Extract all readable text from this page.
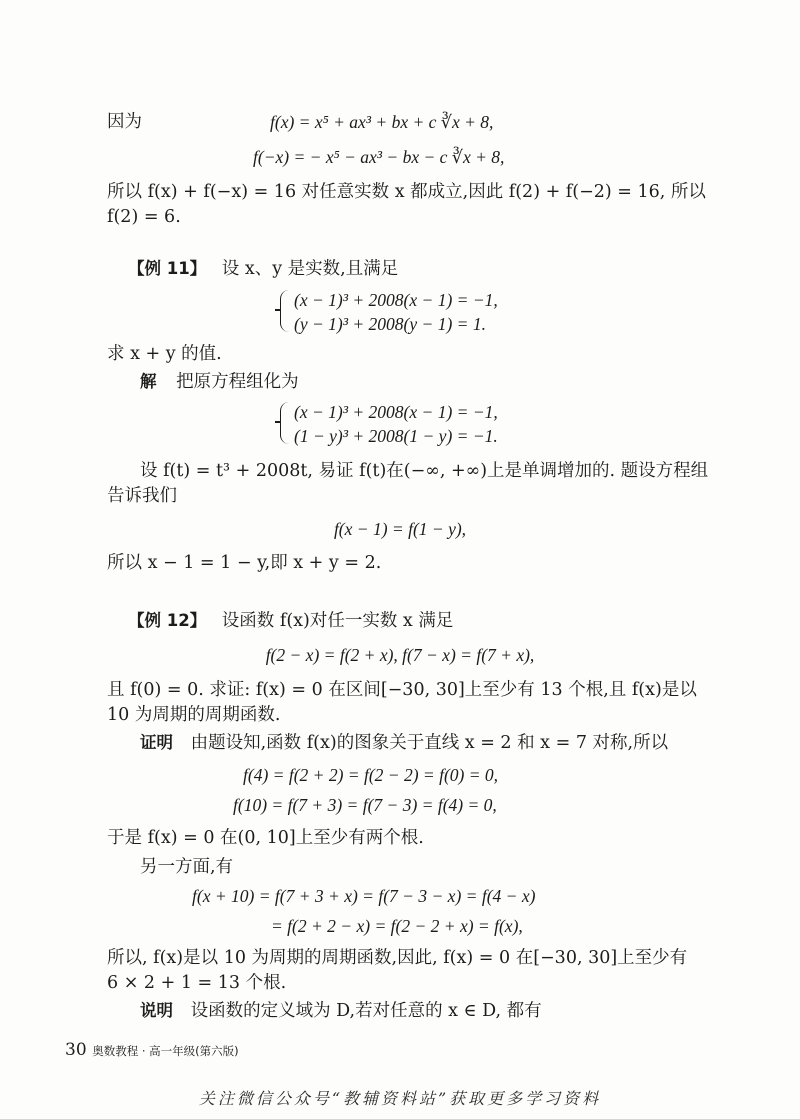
因为	f(x) = x⁵ + ax³ + bx + c ∛x + 8,
f(−x) = − x⁵ − ax³ − bx − c ∛x + 8,
所以 f(x) + f(−x) = 16 对任意实数 x 都成立,因此 f(2) + f(−2) = 16, 所以
f(2) = 6.
【例 11】 设 x、y 是实数,且满足
(x − 1)³ + 2008(x − 1) = −1,
(y − 1)³ + 2008(y − 1) = 1.
求 x + y 的值.
解 把原方程组化为
(x − 1)³ + 2008(x − 1) = −1,
(1 − y)³ + 2008(1 − y) = −1.
设 f(t) = t³ + 2008t, 易证 f(t)在(−∞, +∞)上是单调增加的. 题设方程组
告诉我们
f(x − 1) = f(1 − y),
所以 x − 1 = 1 − y,即 x + y = 2.
【例 12】 设函数 f(x)对任一实数 x 满足
f(2 − x) = f(2 + x), f(7 − x) = f(7 + x),
且 f(0) = 0. 求证: f(x) = 0 在区间[−30, 30]上至少有 13 个根,且 f(x)是以
10 为周期的周期函数.
证明 由题设知,函数 f(x)的图象关于直线 x = 2 和 x = 7 对称,所以
f(4) = f(2 + 2) = f(2 − 2) = f(0) = 0,
f(10) = f(7 + 3) = f(7 − 3) = f(4) = 0,
于是 f(x) = 0 在(0, 10]上至少有两个根.
另一方面,有
f(x + 10) = f(7 + 3 + x) = f(7 − 3 − x) = f(4 − x)
= f(2 + 2 − x) = f(2 − 2 + x) = f(x),
所以, f(x)是以 10 为周期的周期函数,因此, f(x) = 0 在[−30, 30]上至少有
6 × 2 + 1 = 13 个根.
说明 设函数的定义域为 D,若对任意的 x ∈ D, 都有
30 奥数教程 · 高一年级(第六版)
关注微信公众号“教辅资料站”获取更多学习资料
